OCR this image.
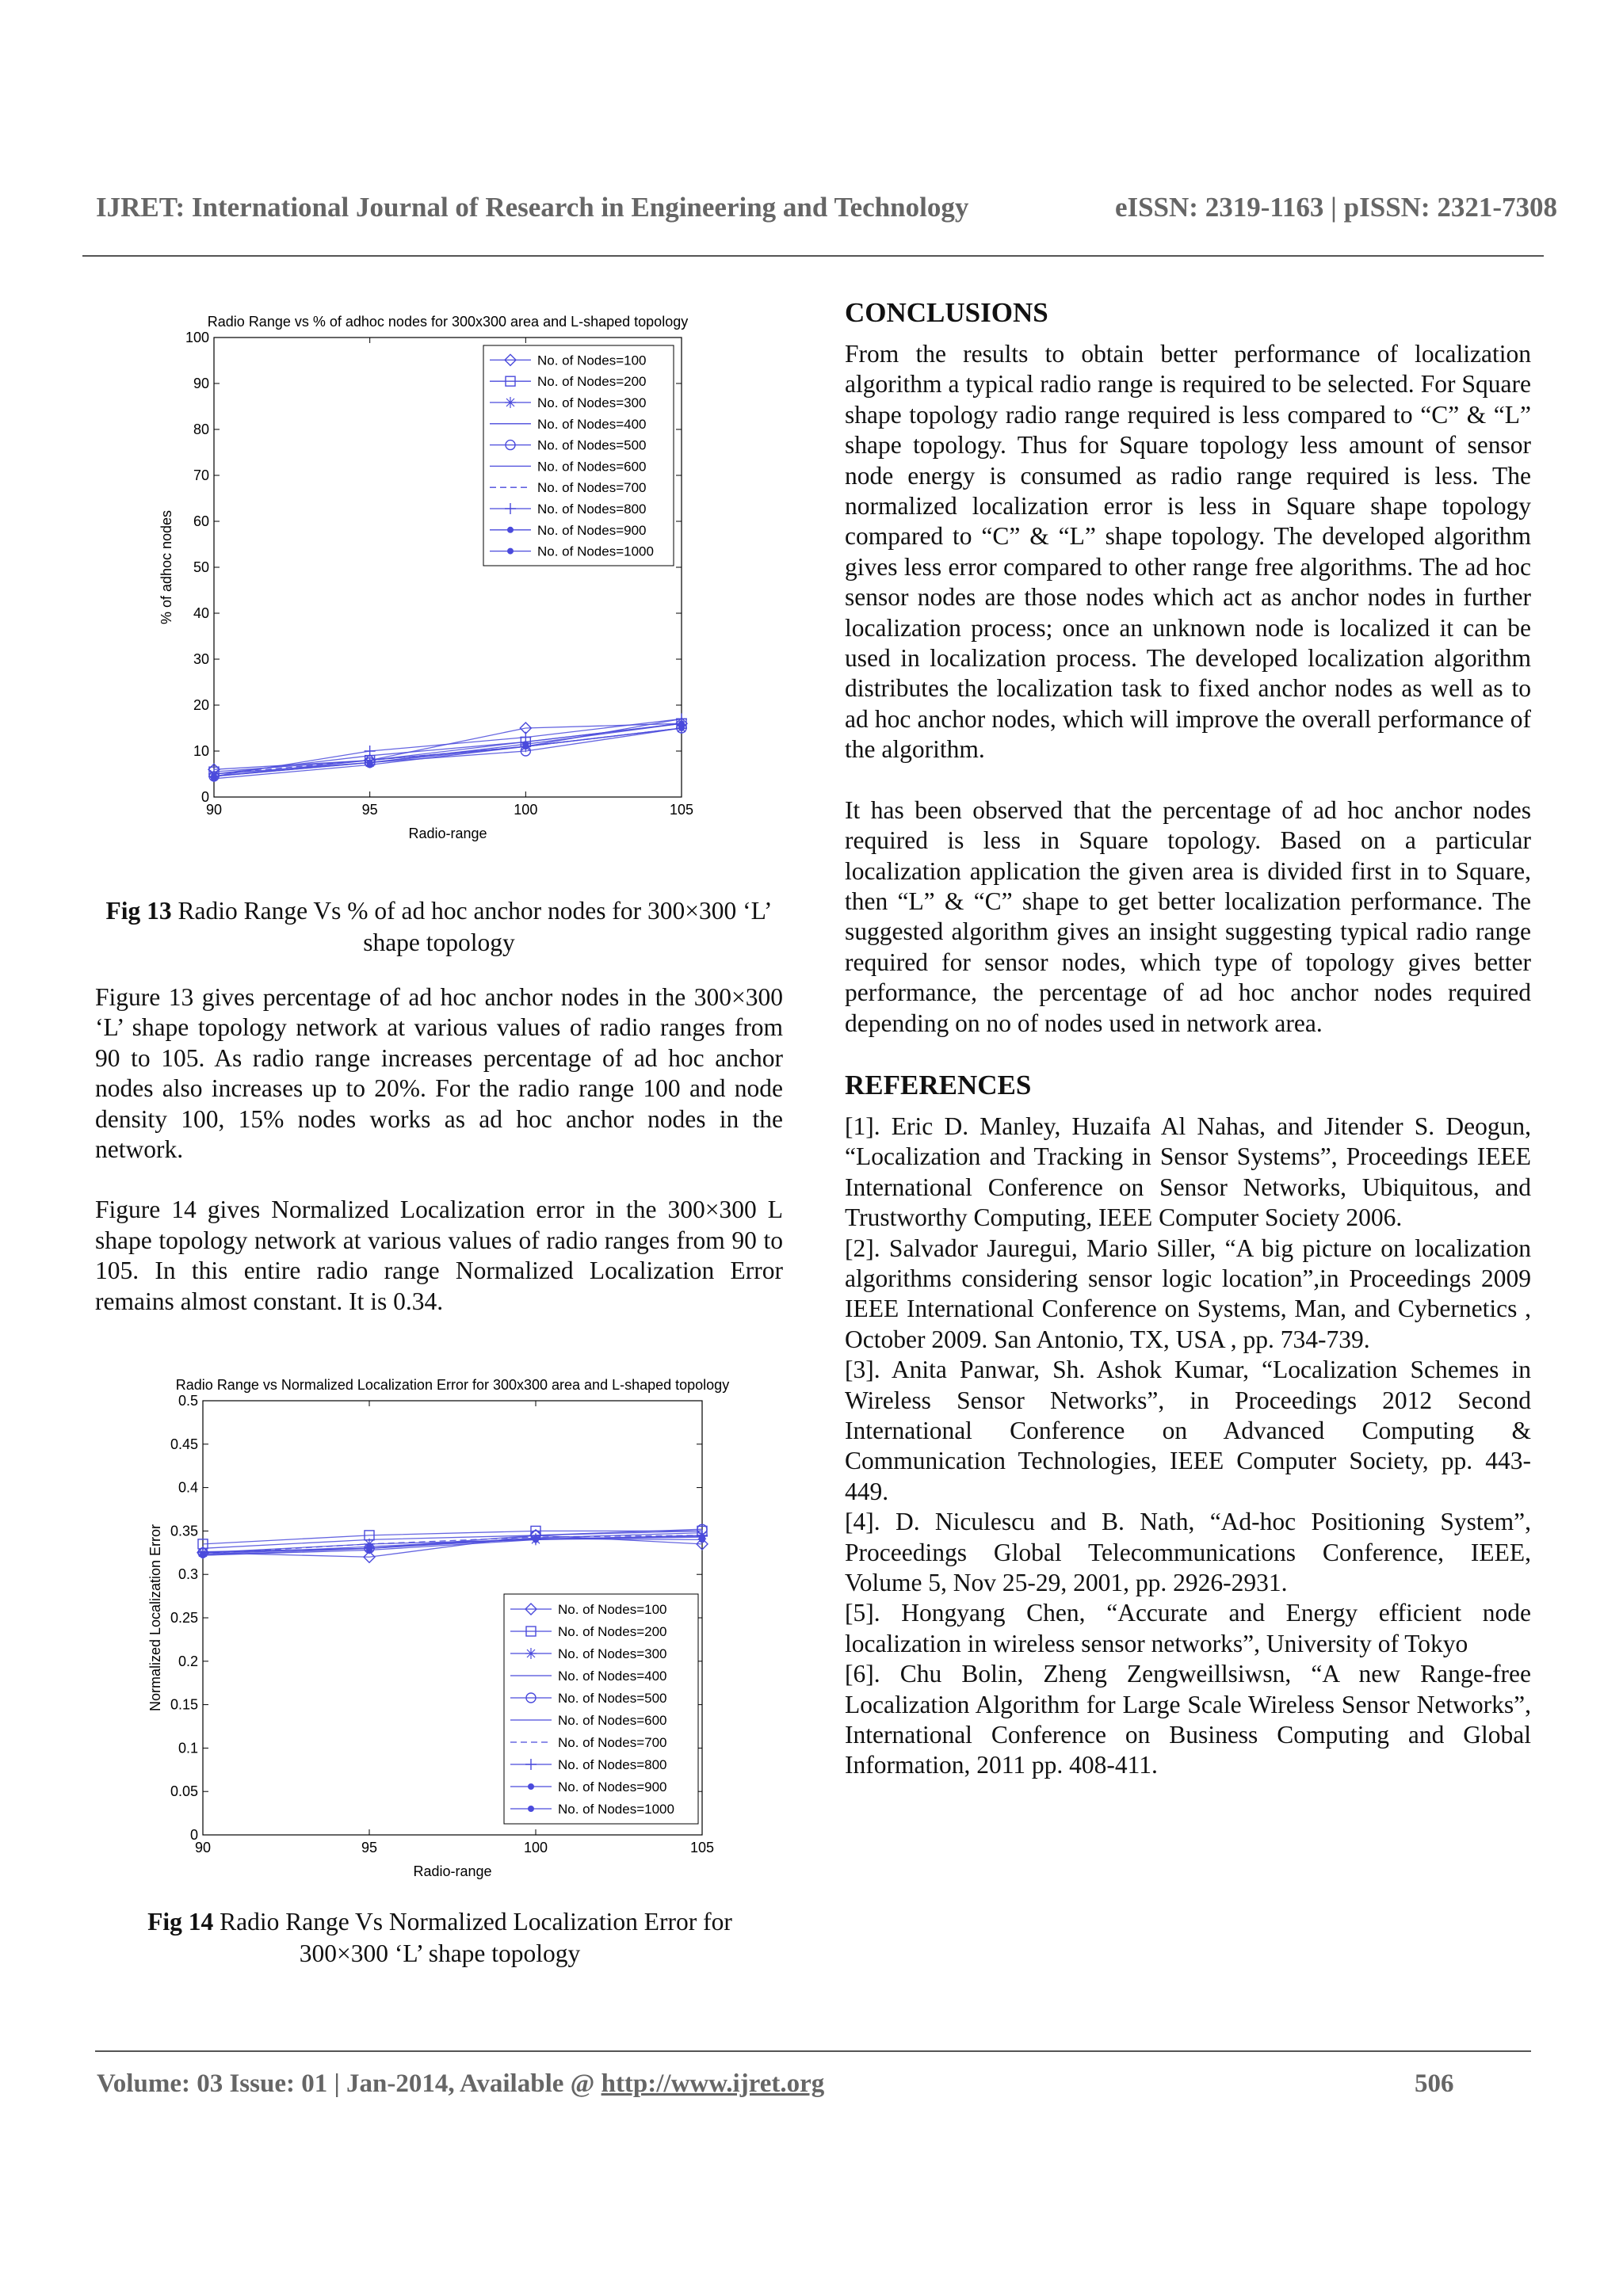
IJRET: International Journal of Research in Engineering and Technology	eISSN: 2319-1163 | pISSN: 2321-7308
Radio Range vs % of adhoc nodes for 300x300 area and L-shaped topology
0
10
20
30
40
50
60
70
80
90
100
90	95	100	105
Radio-range
% of adhoc nodes
No. of Nodes=100
No. of Nodes=200
No. of Nodes=300
No. of Nodes=400
No. of Nodes=500
No. of Nodes=600
No. of Nodes=700
No. of Nodes=800
No. of Nodes=900
No. of Nodes=1000
Fig 13 Radio Range Vs % of ad hoc anchor nodes for 300×300 ‘L’ shape topology

Figure 13 gives percentage of ad hoc anchor nodes in the 300×300 ‘L’ shape topology network at various values of radio ranges from 90 to 105. As radio range increases percentage of ad hoc anchor nodes also increases up to 20%. For the radio range 100 and node density 100, 15% nodes works as ad hoc anchor nodes in the network.

Figure 14 gives Normalized Localization error in the 300×300 L shape topology network at various values of radio ranges from 90 to 105. In this entire radio range Normalized Localization Error remains almost constant. It is 0.34.

Radio Range vs Normalized Localization Error for 300x300 area and L-shaped topology
0
0.05
0.1
0.15
0.2
0.25
0.3
0.35
0.4
0.45
0.5
90	95	100	105
Radio-range
Normalized Localization Error	No. of Nodes=100
No. of Nodes=200
No. of Nodes=300
No. of Nodes=400
No. of Nodes=500
No. of Nodes=600
No. of Nodes=700
No. of Nodes=800
No. of Nodes=900
No. of Nodes=1000
Fig 14 Radio Range Vs Normalized Localization Error for 300×300 ‘L’ shape topology
CONCLUSIONS

From the results to obtain better performance of localization algorithm a typical radio range is required to be selected. For Square shape topology radio range required is less compared to “C” & “L” shape topology. Thus for Square topology less amount of sensor node energy is consumed as radio range required is less. The normalized localization error is less in Square shape topology compared to “C” & “L” shape topology. The developed algorithm gives less error compared to other range free algorithms. The ad hoc sensor nodes are those nodes which act as anchor nodes in further localization process; once an unknown node is localized it can be used in localization process. The developed localization algorithm distributes the localization task to fixed anchor nodes as well as to ad hoc anchor nodes, which will improve the overall performance of the algorithm.

It has been observed that the percentage of ad hoc anchor nodes required is less in Square topology. Based on a particular localization application the given area is divided first in to Square, then “L” & “C” shape to get better localization performance. The suggested algorithm gives an insight suggesting typical radio range required for sensor nodes, which type of topology gives better performance, the percentage of ad hoc anchor nodes required depending on no of nodes used in network area.

REFERENCES

[1]. Eric D. Manley, Huzaifa Al Nahas, and Jitender S. Deogun, “Localization and Tracking in Sensor Systems”, Proceedings IEEE International Conference on Sensor Networks, Ubiquitous, and Trustworthy Computing, IEEE Computer Society 2006.

[2]. Salvador Jauregui, Mario Siller, “A big picture on localization algorithms considering sensor logic location”,in Proceedings 2009 IEEE International Conference on Systems, Man, and Cybernetics , October 2009. San Antonio, TX, USA , pp. 734-739.

[3]. Anita Panwar, Sh. Ashok Kumar, “Localization Schemes in Wireless Sensor Networks”, in Proceedings 2012 Second International Conference on Advanced Computing & Communication Technologies, IEEE Computer Society, pp. 443- 449.

[4]. D. Niculescu and B. Nath, “Ad-hoc Positioning System”, Proceedings Global Telecommunications Conference, IEEE, Volume 5, Nov 25-29, 2001, pp. 2926-2931.

[5]. Hongyang Chen, “Accurate and Energy efficient node localization in wireless sensor networks”, University of Tokyo

[6]. Chu Bolin, Zheng Zengweillsiwsn, “A new Range-free Localization Algorithm for Large Scale Wireless Sensor Networks”, International Conference on Business Computing and Global Information, 2011 pp. 408-411.

Volume: 03 Issue: 01 | Jan-2014, Available @ http://www.ijret.org	506
